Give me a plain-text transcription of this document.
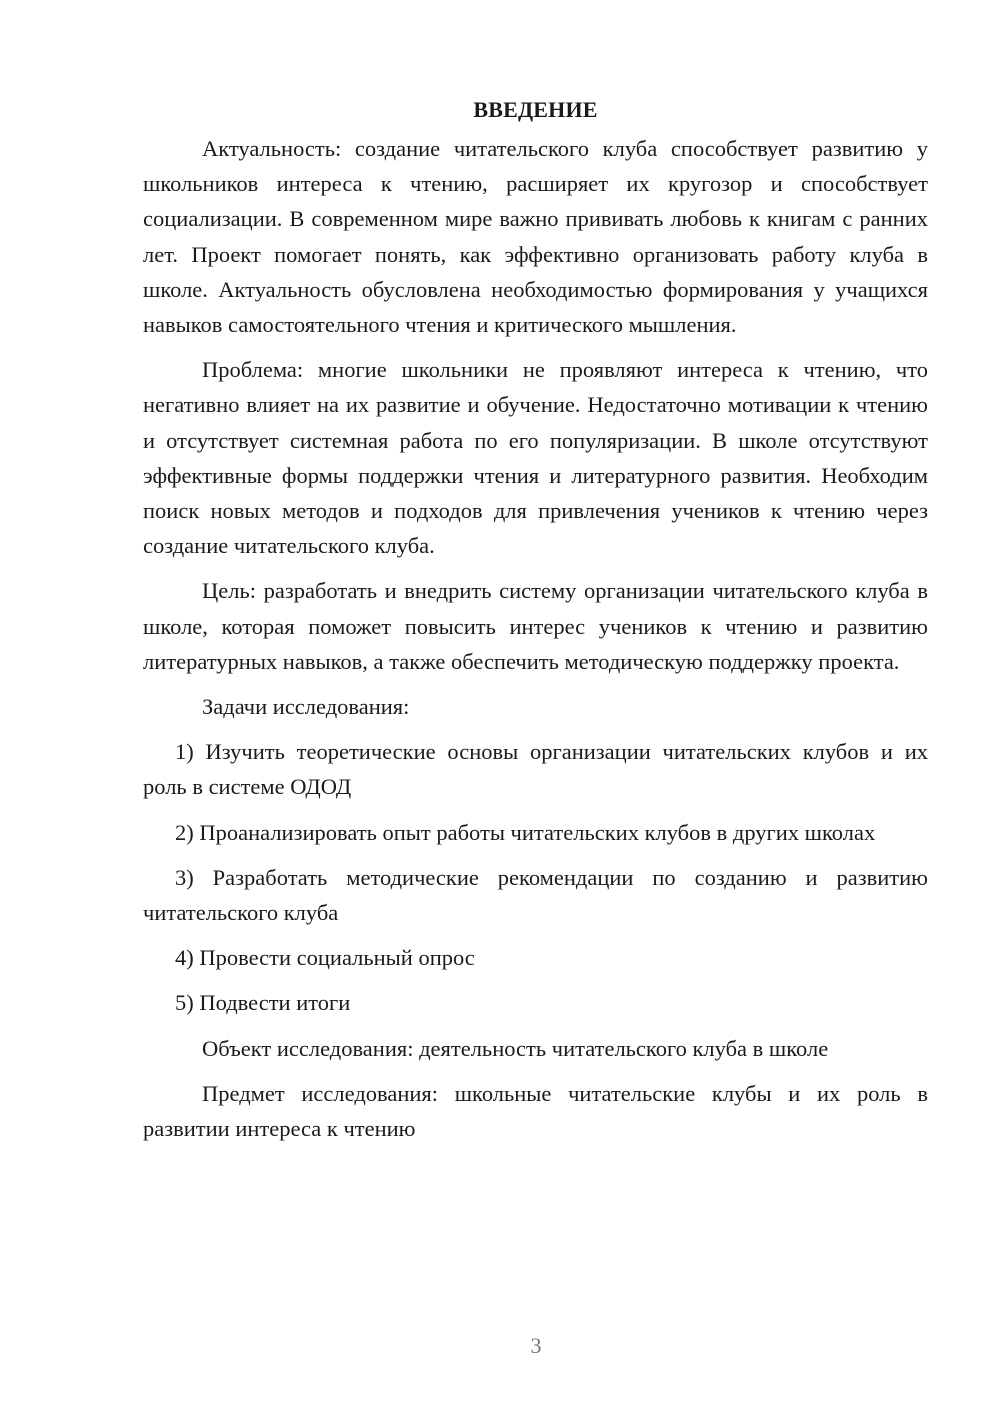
ВВЕДЕНИЕ

Актуальность: создание читательского клуба способствует развитию у школьников интереса к чтению, расширяет их кругозор и способствует социализации. В современном мире важно прививать любовь к книгам с ранних лет. Проект помогает понять, как эффективно организовать работу клуба в школе. Актуальность обусловлена необходимостью формирования у учащихся навыков самостоятельного чтения и критического мышления.

Проблема: многие школьники не проявляют интереса к чтению, что негативно влияет на их развитие и обучение. Недостаточно мотивации к чтению и отсутствует системная работа по его популяризации. В школе отсутствуют эффективные формы поддержки чтения и литературного развития. Необходим поиск новых методов и подходов для привлечения учеников к чтению через создание читательского клуба.

Цель: разработать и внедрить систему организации читательского клуба в школе, которая поможет повысить интерес учеников к чтению и развитию литературных навыков, а также обеспечить методическую поддержку проекта.

Задачи исследования:

1) Изучить теоретические основы организации читательских клубов и их роль в системе ОДОД

2) Проанализировать опыт работы читательских клубов в других школах

3) Разработать методические рекомендации по созданию и развитию читательского клуба

4) Провести социальный опрос

5) Подвести итоги

Объект исследования: деятельность читательского клуба в школе

Предмет исследования: школьные читательские клубы и их роль в развитии интереса к чтению

3
